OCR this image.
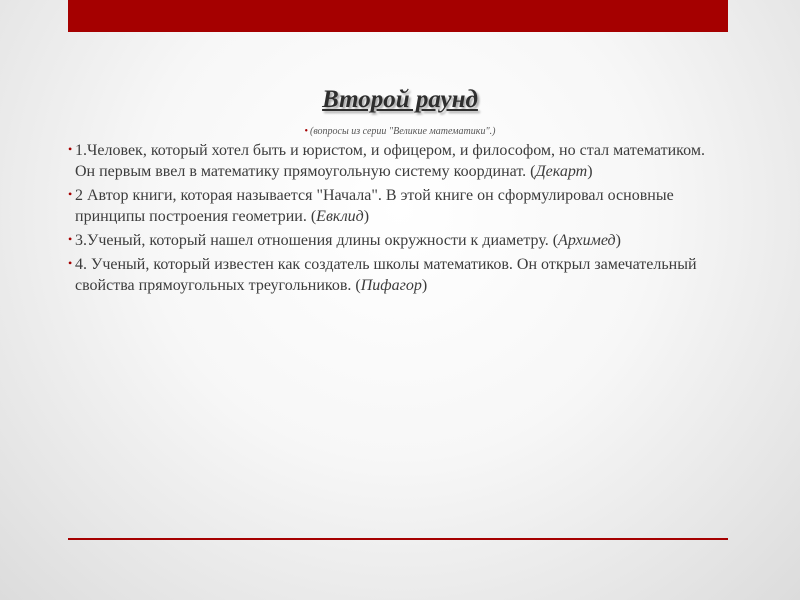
Второй раунд
• (вопросы из серии "Великие математики".)
• 1.Человек, который хотел быть и юристом, и офицером, и философом, но стал математиком. Он первым ввел в математику прямоугольную систему координат. (Декарт)
• 2 Автор книги, которая называется "Начала". В этой книге он сформулировал основные принципы построения геометрии. (Евклид)
• 3.Ученый, который нашел отношения длины окружности к диаметру. (Архимед)
• 4. Ученый, который известен как создатель школы математиков. Он открыл замечательный свойства прямоугольных треугольников. (Пифагор)
